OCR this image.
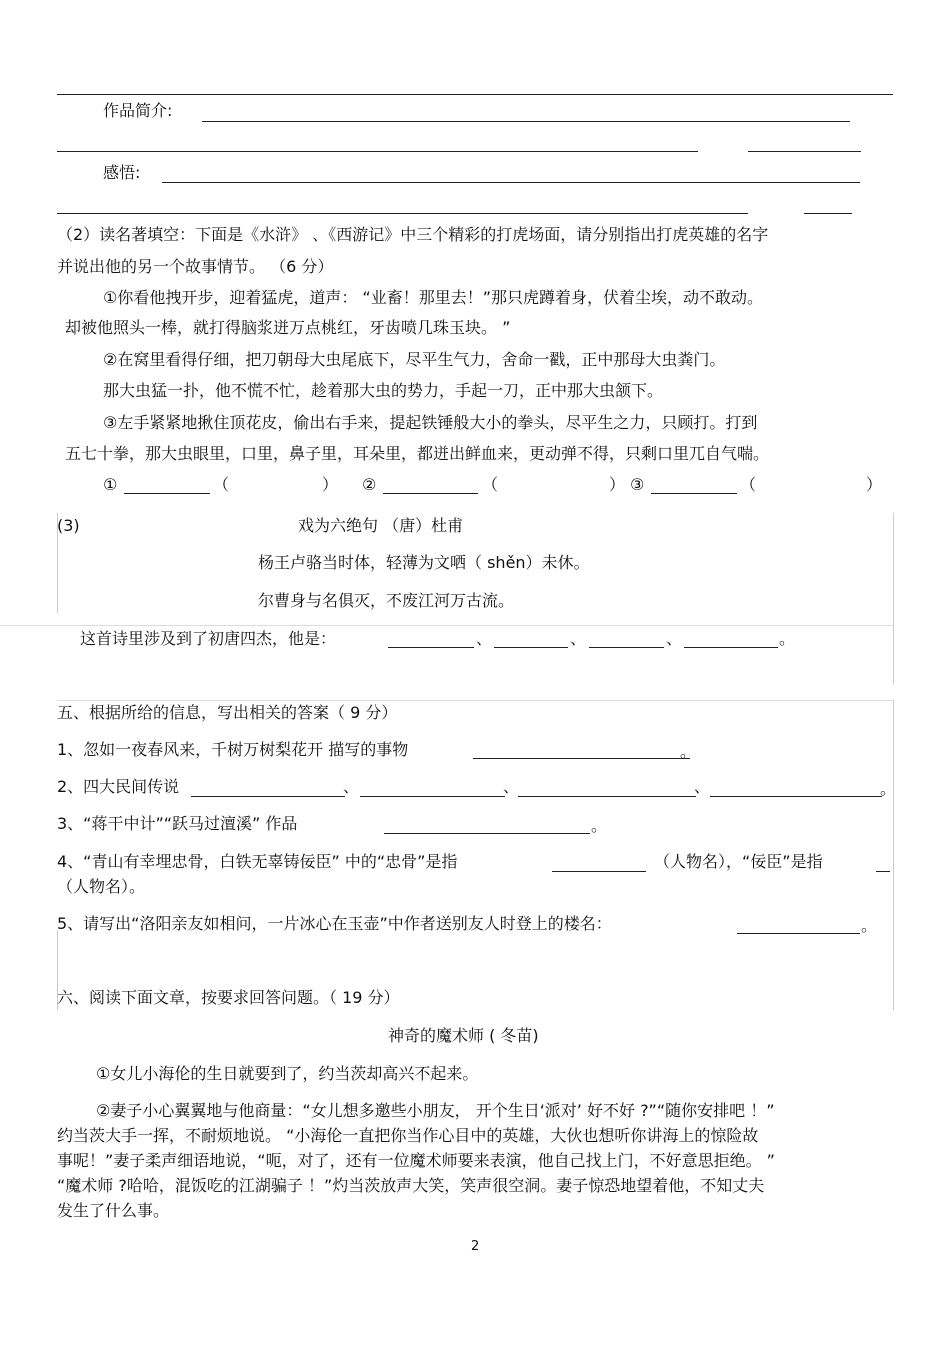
作品简介:
感悟:
（2）读名著填空：下面是《水浒》 、《西游记》中三个精彩的打虎场面，请分别指出打虎英雄的名字
并说出他的另一个故事情节。 （6 分）
①你看他拽开步，迎着猛虎，道声： “业畜！那里去！”那只虎蹲着身，伏着尘埃，动不敢动。
却被他照头一棒，就打得脑浆迸万点桃红，牙齿喷几珠玉块。 ”
②在窝里看得仔细，把刀朝母大虫尾底下，尽平生气力，舍命一戳，正中那母大虫粪门。
那大虫猛一扑，他不慌不忙，趁着那大虫的势力，手起一刀，正中那大虫颔下。
③左手紧紧地揪住顶花皮，偷出右手来，提起铁锤般大小的拳头，尽平生之力，只顾打。打到
五七十拳，那大虫眼里，口里，鼻子里，耳朵里，都迸出鲜血来，更动弹不得，只剩口里兀自气喘。
①	（	） ②	（	） ③	（	）
(3)	戏为六绝句 （唐）杜甫
杨王卢骆当时体，轻薄为文哂（ shěn）未休。
尔曹身与名俱灭，不废江河万古流。
这首诗里涉及到了初唐四杰，他是：	、	、	、	。
五、根据所给的信息，写出相关的答案（ 9 分）
1、忽如一夜春风来，千树万树梨花开 描写的事物	。
2、四大民间传说	、	、	、	。
3、“蒋干中计”“跃马过澶溪” 作品	。
4、“青山有幸埋忠骨，白铁无辜铸佞臣” 中的“忠骨”是指	（人物名），“佞臣”是指
（人物名）。
5、请写出“洛阳亲友如相问，一片冰心在玉壶”中作者送别友人时登上的楼名：	。
六、阅读下面文章，按要求回答问题。（ 19 分）
神奇的魔术师 ( 冬苗)
①女儿小海伦的生日就要到了，约当茨却高兴不起来。
②妻子小心翼翼地与他商量：“女儿想多邀些小朋友， 开个生日‘派对’ 好不好 ?”“随你安排吧 ！”
约当茨大手一挥，不耐烦地说。 “小海伦一直把你当作心目中的英雄，大伙也想听你讲海上的惊险故
事呢！”妻子柔声细语地说，“呃，对了，还有一位魔术师要来表演，他自己找上门，不好意思拒绝。 ”
“魔术师 ?哈哈，混饭吃的江湖骗子 ！”灼当茨放声大笑，笑声很空洞。妻子惊恐地望着他，不知丈夫
发生了什么事。
2
